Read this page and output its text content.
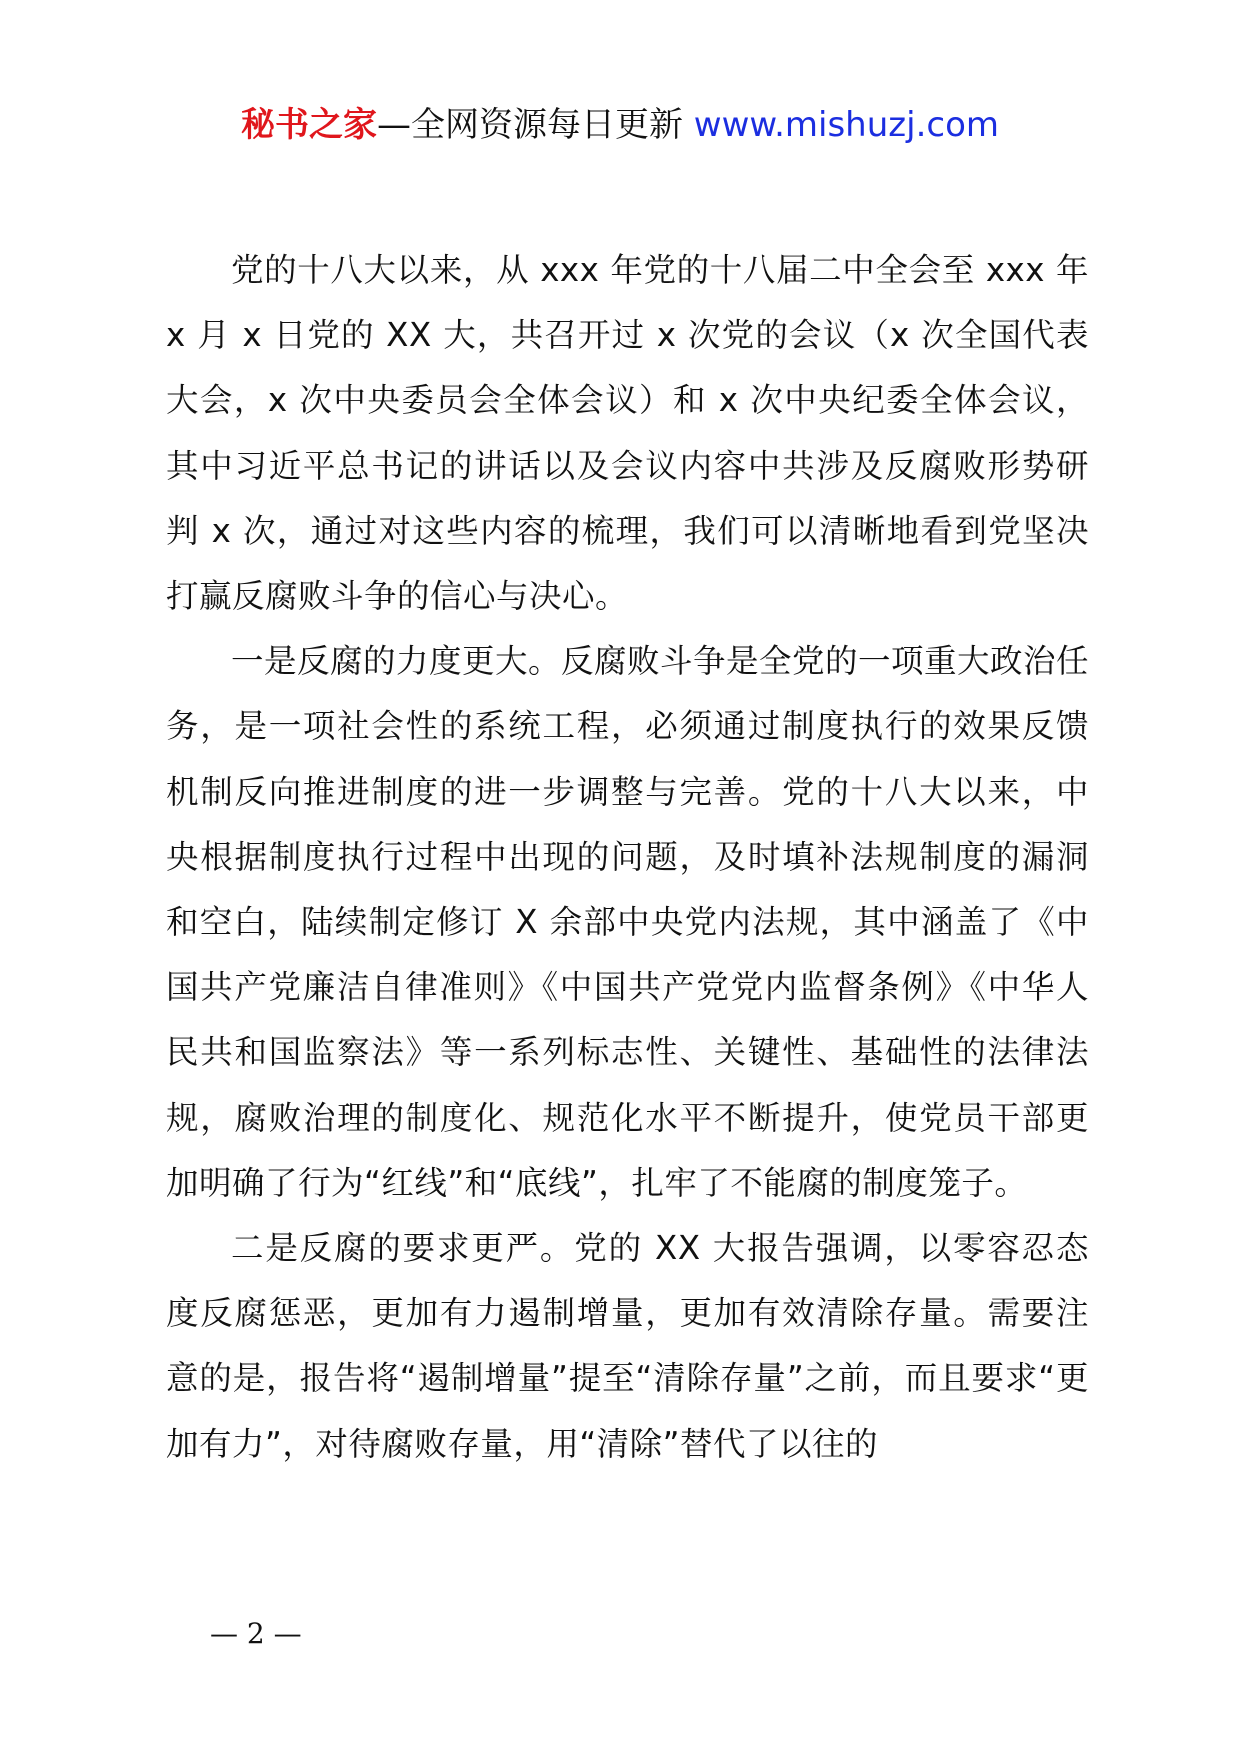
秘书之家—全网资源每日更新 www.mishuzj.com

党的十八大以来，从 xxx 年党的十八届二中全会至 xxx 年 x 月 x 日党的 XX 大，共召开过 x 次党的会议（x 次全国代表大会，x 次中央委员会全体会议）和 x 次中央纪委全体会议，其中习近平总书记的讲话以及会议内容中共涉及反腐败形势研判 x 次，通过对这些内容的梳理，我们可以清晰地看到党坚决打赢反腐败斗争的信心与决心。

一是反腐的力度更大。反腐败斗争是全党的一项重大政治任务，是一项社会性的系统工程，必须通过制度执行的效果反馈机制反向推进制度的进一步调整与完善。党的十八大以来，中央根据制度执行过程中出现的问题，及时填补法规制度的漏洞和空白，陆续制定修订 X 余部中央党内法规，其中涵盖了《中国共产党廉洁自律准则》《中国共产党党内监督条例》《中华人民共和国监察法》等一系列标志性、关键性、基础性的法律法规，腐败治理的制度化、规范化水平不断提升，使党员干部更加明确了行为“红线”和“底线”，扎牢了不能腐的制度笼子。

二是反腐的要求更严。党的 XX 大报告强调，以零容忍态度反腐惩恶，更加有力遏制增量，更加有效清除存量。需要注意的是，报告将“遏制增量”提至“清除存量”之前，而且要求“更加有力”，对待腐败存量，用“清除”替代了以往的

— 2 —
